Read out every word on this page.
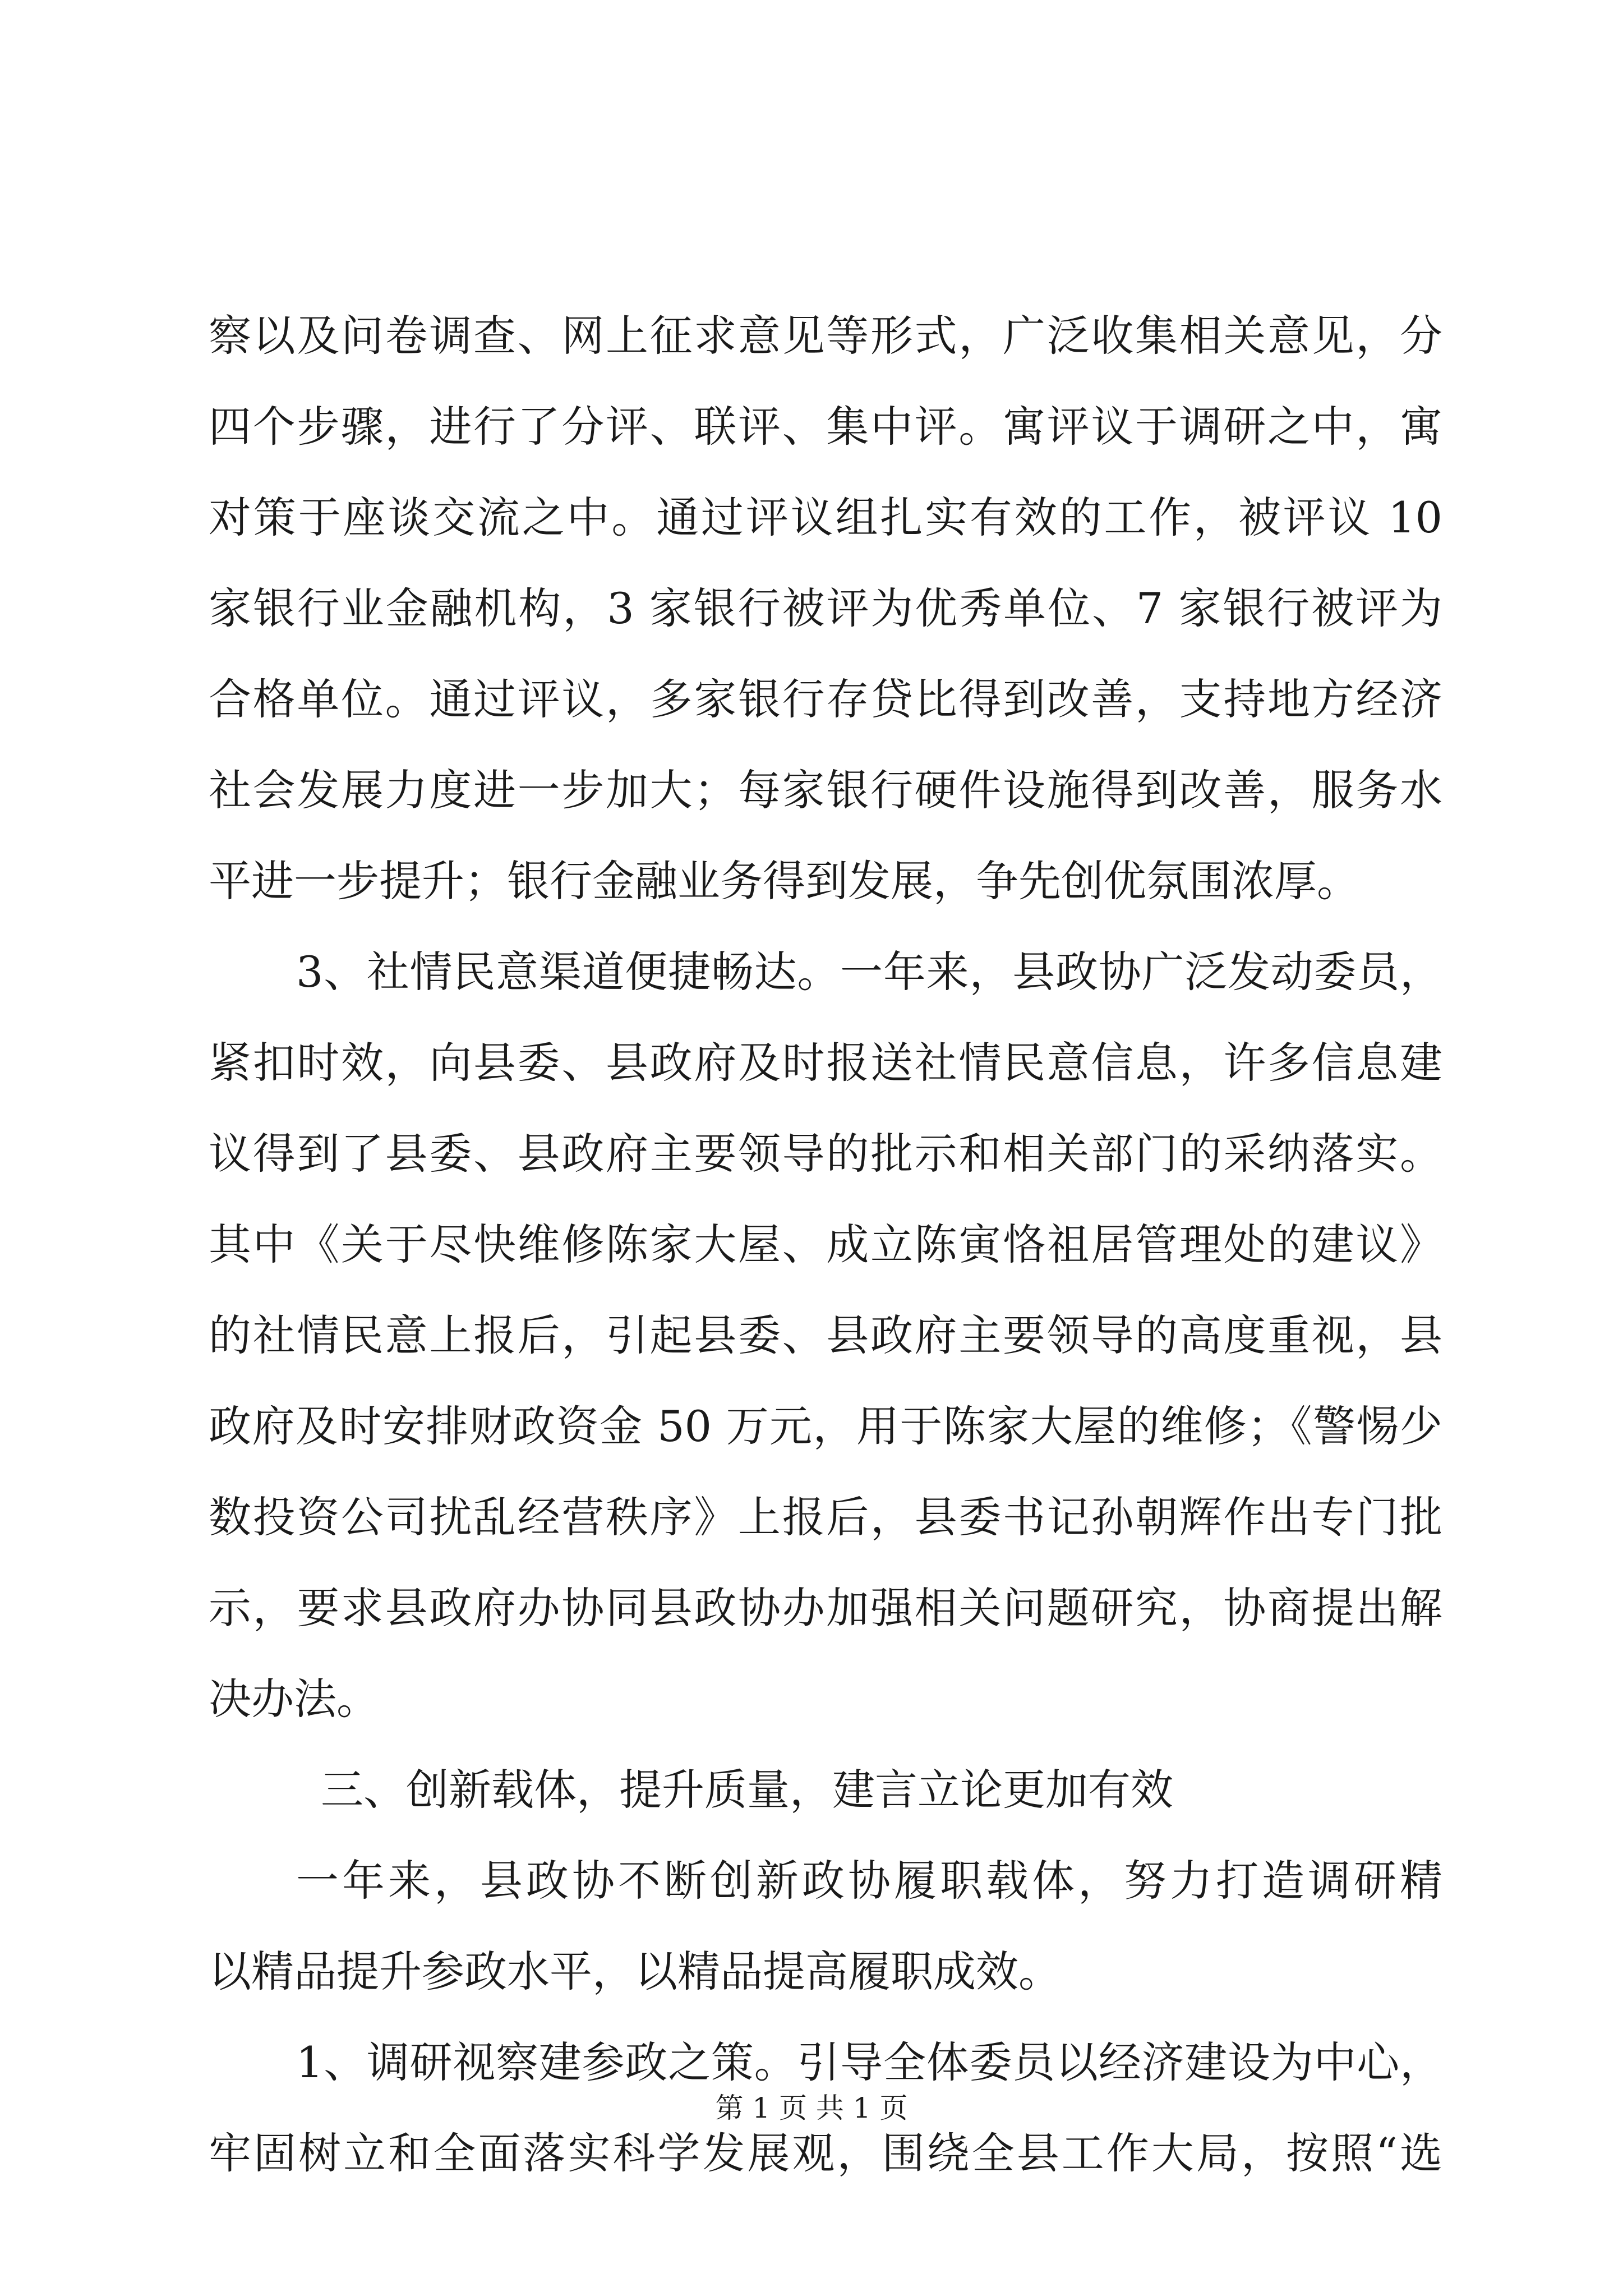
察以及问卷调查、网上征求意见等形式，广泛收集相关意见，分
四个步骤，进行了分评、联评、集中评。寓评议于调研之中，寓
对策于座谈交流之中。通过评议组扎实有效的工作，被评议 10
家银行业金融机构，3 家银行被评为优秀单位、7 家银行被评为
合格单位。通过评议，多家银行存贷比得到改善，支持地方经济
社会发展力度进一步加大；每家银行硬件设施得到改善，服务水
平进一步提升；银行金融业务得到发展，争先创优氛围浓厚。
3、社情民意渠道便捷畅达。一年来，县政协广泛发动委员，
紧扣时效，向县委、县政府及时报送社情民意信息，许多信息建
议得到了县委、县政府主要领导的批示和相关部门的采纳落实。
其中《关于尽快维修陈家大屋、成立陈寅恪祖居管理处的建议》
的社情民意上报后，引起县委、县政府主要领导的高度重视，县
政府及时安排财政资金 50 万元，用于陈家大屋的维修；《警惕少
数投资公司扰乱经营秩序》上报后，县委书记孙朝辉作出专门批
示，要求县政府办协同县政协办加强相关问题研究，协商提出解
决办法。
三、创新载体，提升质量，建言立论更加有效
一年来，县政协不断创新政协履职载体，努力打造调研精
以精品提升参政水平，以精品提高履职成效。
1、调研视察建参政之策。引导全体委员以经济建设为中心，
牢固树立和全面落实科学发展观，围绕全县工作大局，按照“选
第 1 页 共 1 页
